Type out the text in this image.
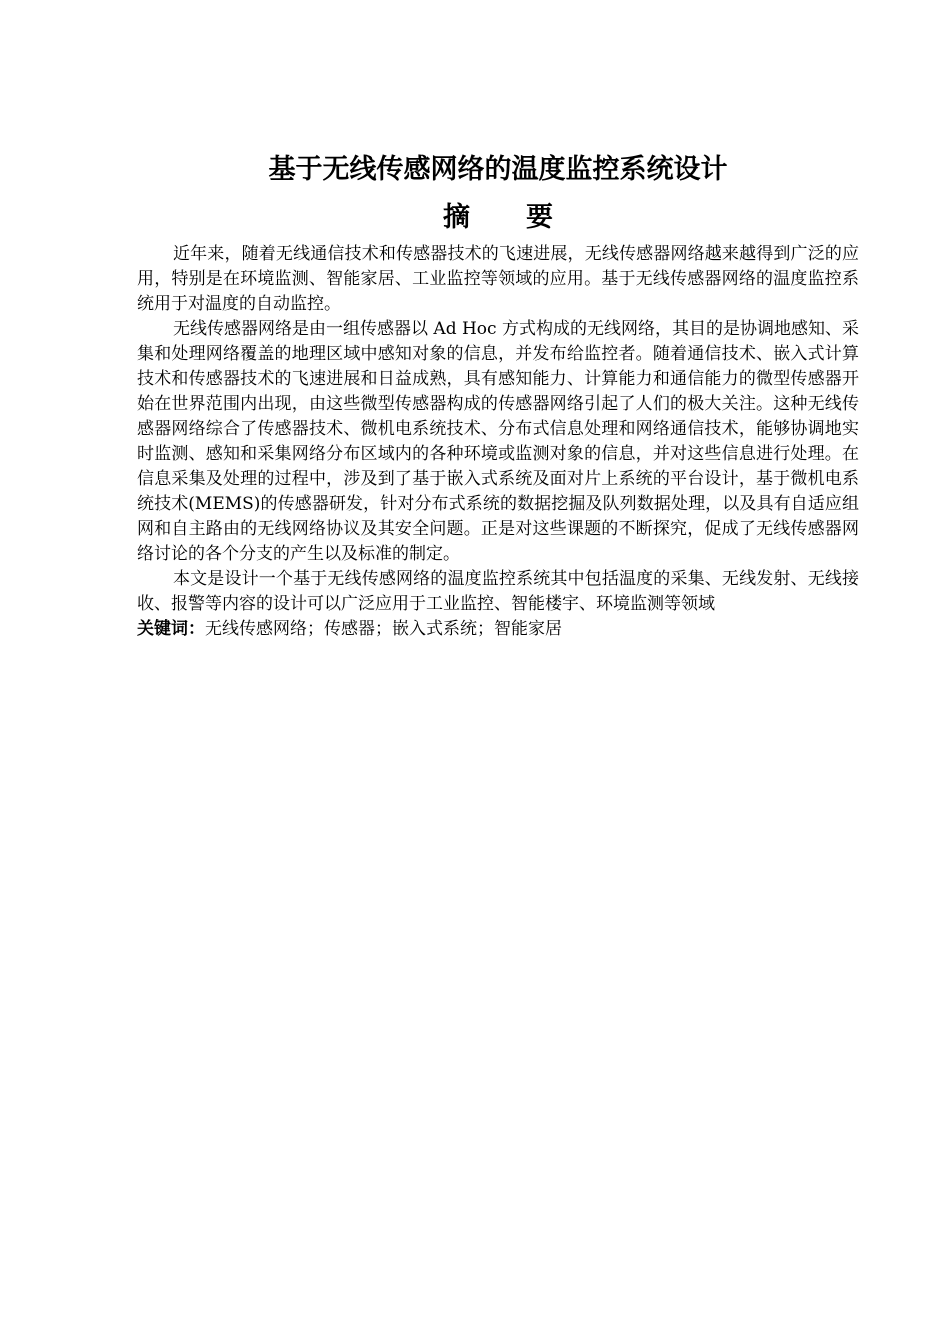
基于无线传感网络的温度监控系统设计
摘要

近年来，随着无线通信技术和传感器技术的飞速进展，无线传感器网络越来越得到广泛的应用，特别是在环境监测、智能家居、工业监控等领域的应用。基于无线传感器网络的温度监控系统用于对温度的自动监控。

无线传感器网络是由一组传感器以 Ad Hoc 方式构成的无线网络，其目的是协调地感知、采集和处理网络覆盖的地理区域中感知对象的信息，并发布给监控者。随着通信技术、嵌入式计算技术和传感器技术的飞速进展和日益成熟，具有感知能力、计算能力和通信能力的微型传感器开始在世界范围内出现，由这些微型传感器构成的传感器网络引起了人们的极大关注。这种无线传感器网络综合了传感器技术、微机电系统技术、分布式信息处理和网络通信技术，能够协调地实时监测、感知和采集网络分布区域内的各种环境或监测对象的信息，并对这些信息进行处理。在信息采集及处理的过程中，涉及到了基于嵌入式系统及面对片上系统的平台设计，基于微机电系统技术(MEMS)的传感器研发，针对分布式系统的数据挖掘及队列数据处理，以及具有自适应组网和自主路由的无线网络协议及其安全问题。正是对这些课题的不断探究，促成了无线传感器网络讨论的各个分支的产生以及标准的制定。

本文是设计一个基于无线传感网络的温度监控系统其中包括温度的采集、无线发射、无线接收、报警等内容的设计可以广泛应用于工业监控、智能楼宇、环境监测等领域

关键词：无线传感网络；传感器；嵌入式系统；智能家居
